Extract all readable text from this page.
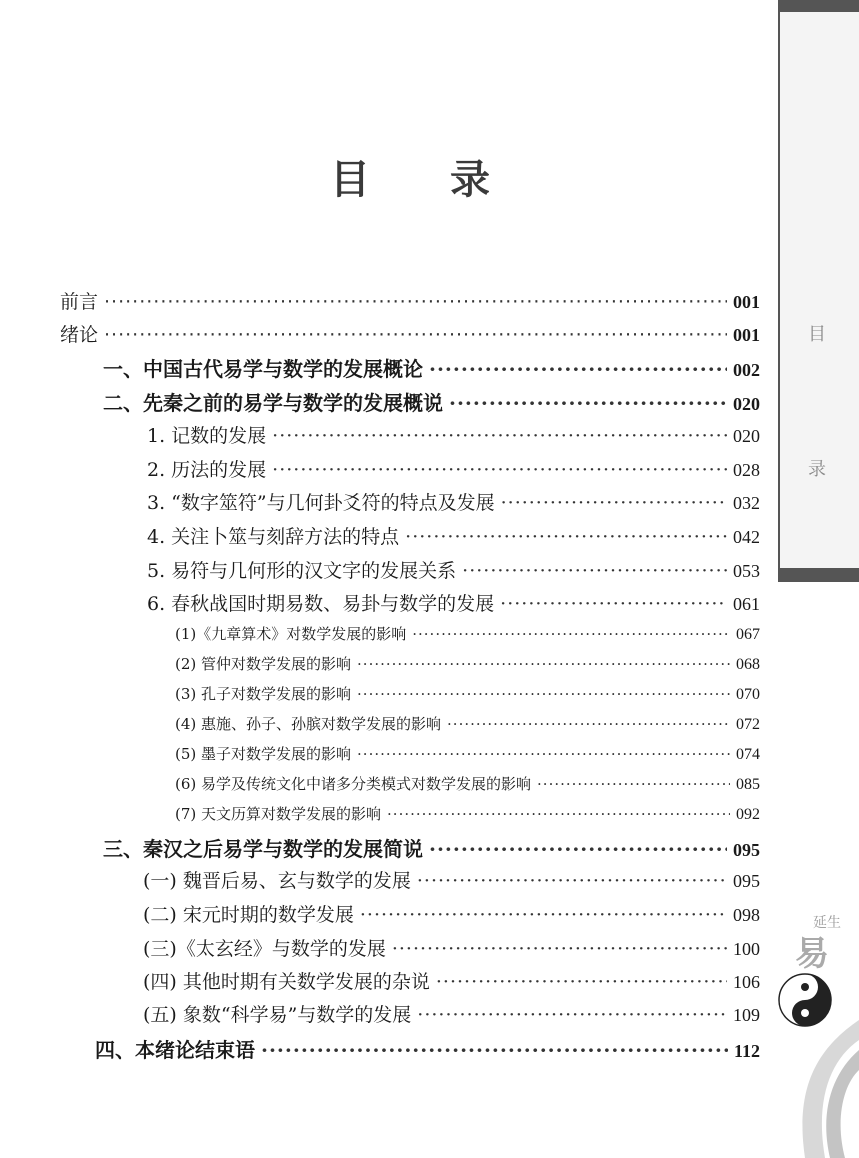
目
录
目录
前言 ·····	001
绪论 ·····	001
一、中国古代易学与数学的发展概论 ·····	002
二、先秦之前的易学与数学的发展概说 ·····	020
1. 记数的发展 ·····	020
2. 历法的发展 ·····	028
3. “数字筮符”与几何卦爻符的特点及发展 ·····	032
4. 关注卜筮与刻辞方法的特点 ·····	042
5. 易符与几何形的汉文字的发展关系 ·····	053
6. 春秋战国时期易数、易卦与数学的发展 ·····	061
(1)《九章算术》对数学发展的影响 ·····	067
(2) 管仲对数学发展的影响 ·····	068
(3) 孔子对数学发展的影响 ·····	070
(4) 惠施、孙子、孙膑对数学发展的影响 ·····	072
(5) 墨子对数学发展的影响 ·····	074
(6) 易学及传统文化中诸多分类模式对数学发展的影响 ·····	085
(7) 天文历算对数学发展的影响 ·····	092
三、秦汉之后易学与数学的发展简说 ·····	095
(一) 魏晋后易、玄与数学的发展 ·····	095
(二) 宋元时期的数学发展 ·····	098
(三)《太玄经》与数学的发展 ·····	100
(四) 其他时期有关数学发展的杂说 ·····	106
(五) 象数“科学易”与数学的发展 ·····	109
四、本绪论结束语 ·····	112
延生
易
